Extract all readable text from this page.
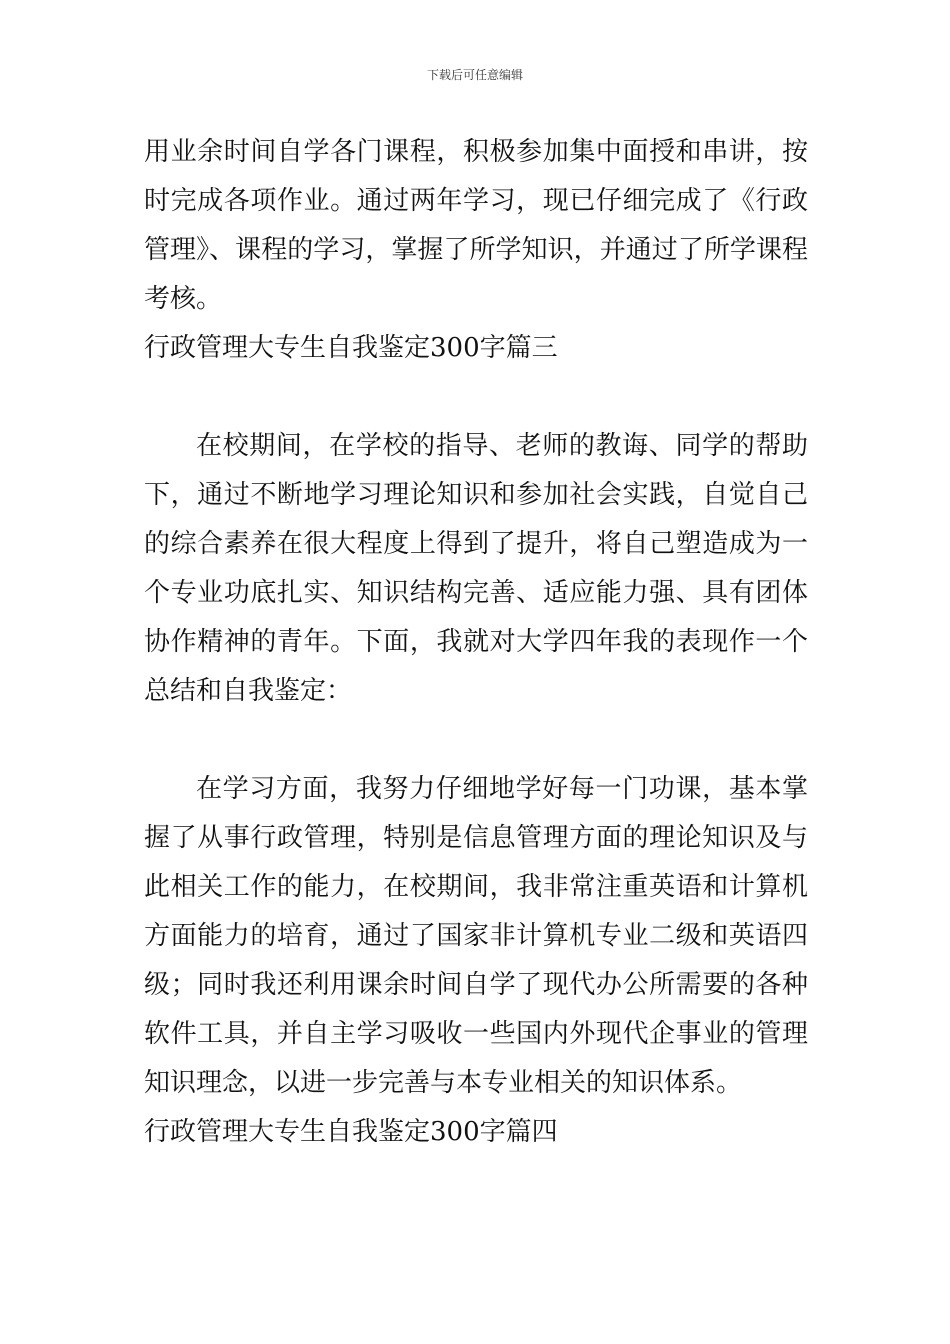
下载后可任意编辑

用业余时间自学各门课程，积极参加集中面授和串讲，按时完成各项作业。通过两年学习，现已仔细完成了《行政管理》、课程的学习，掌握了所学知识，并通过了所学课程考核。

行政管理大专生自我鉴定300字篇三

在校期间，在学校的指导、老师的教诲、同学的帮助下，通过不断地学习理论知识和参加社会实践，自觉自己的综合素养在很大程度上得到了提升，将自己塑造成为一个专业功底扎实、知识结构完善、适应能力强、具有团体协作精神的青年。下面，我就对大学四年我的表现作一个总结和自我鉴定：

在学习方面，我努力仔细地学好每一门功课，基本掌握了从事行政管理，特别是信息管理方面的理论知识及与此相关工作的能力，在校期间，我非常注重英语和计算机方面能力的培育，通过了国家非计算机专业二级和英语四级；同时我还利用课余时间自学了现代办公所需要的各种软件工具，并自主学习吸收一些国内外现代企事业的管理知识理念，以进一步完善与本专业相关的知识体系。

行政管理大专生自我鉴定300字篇四
